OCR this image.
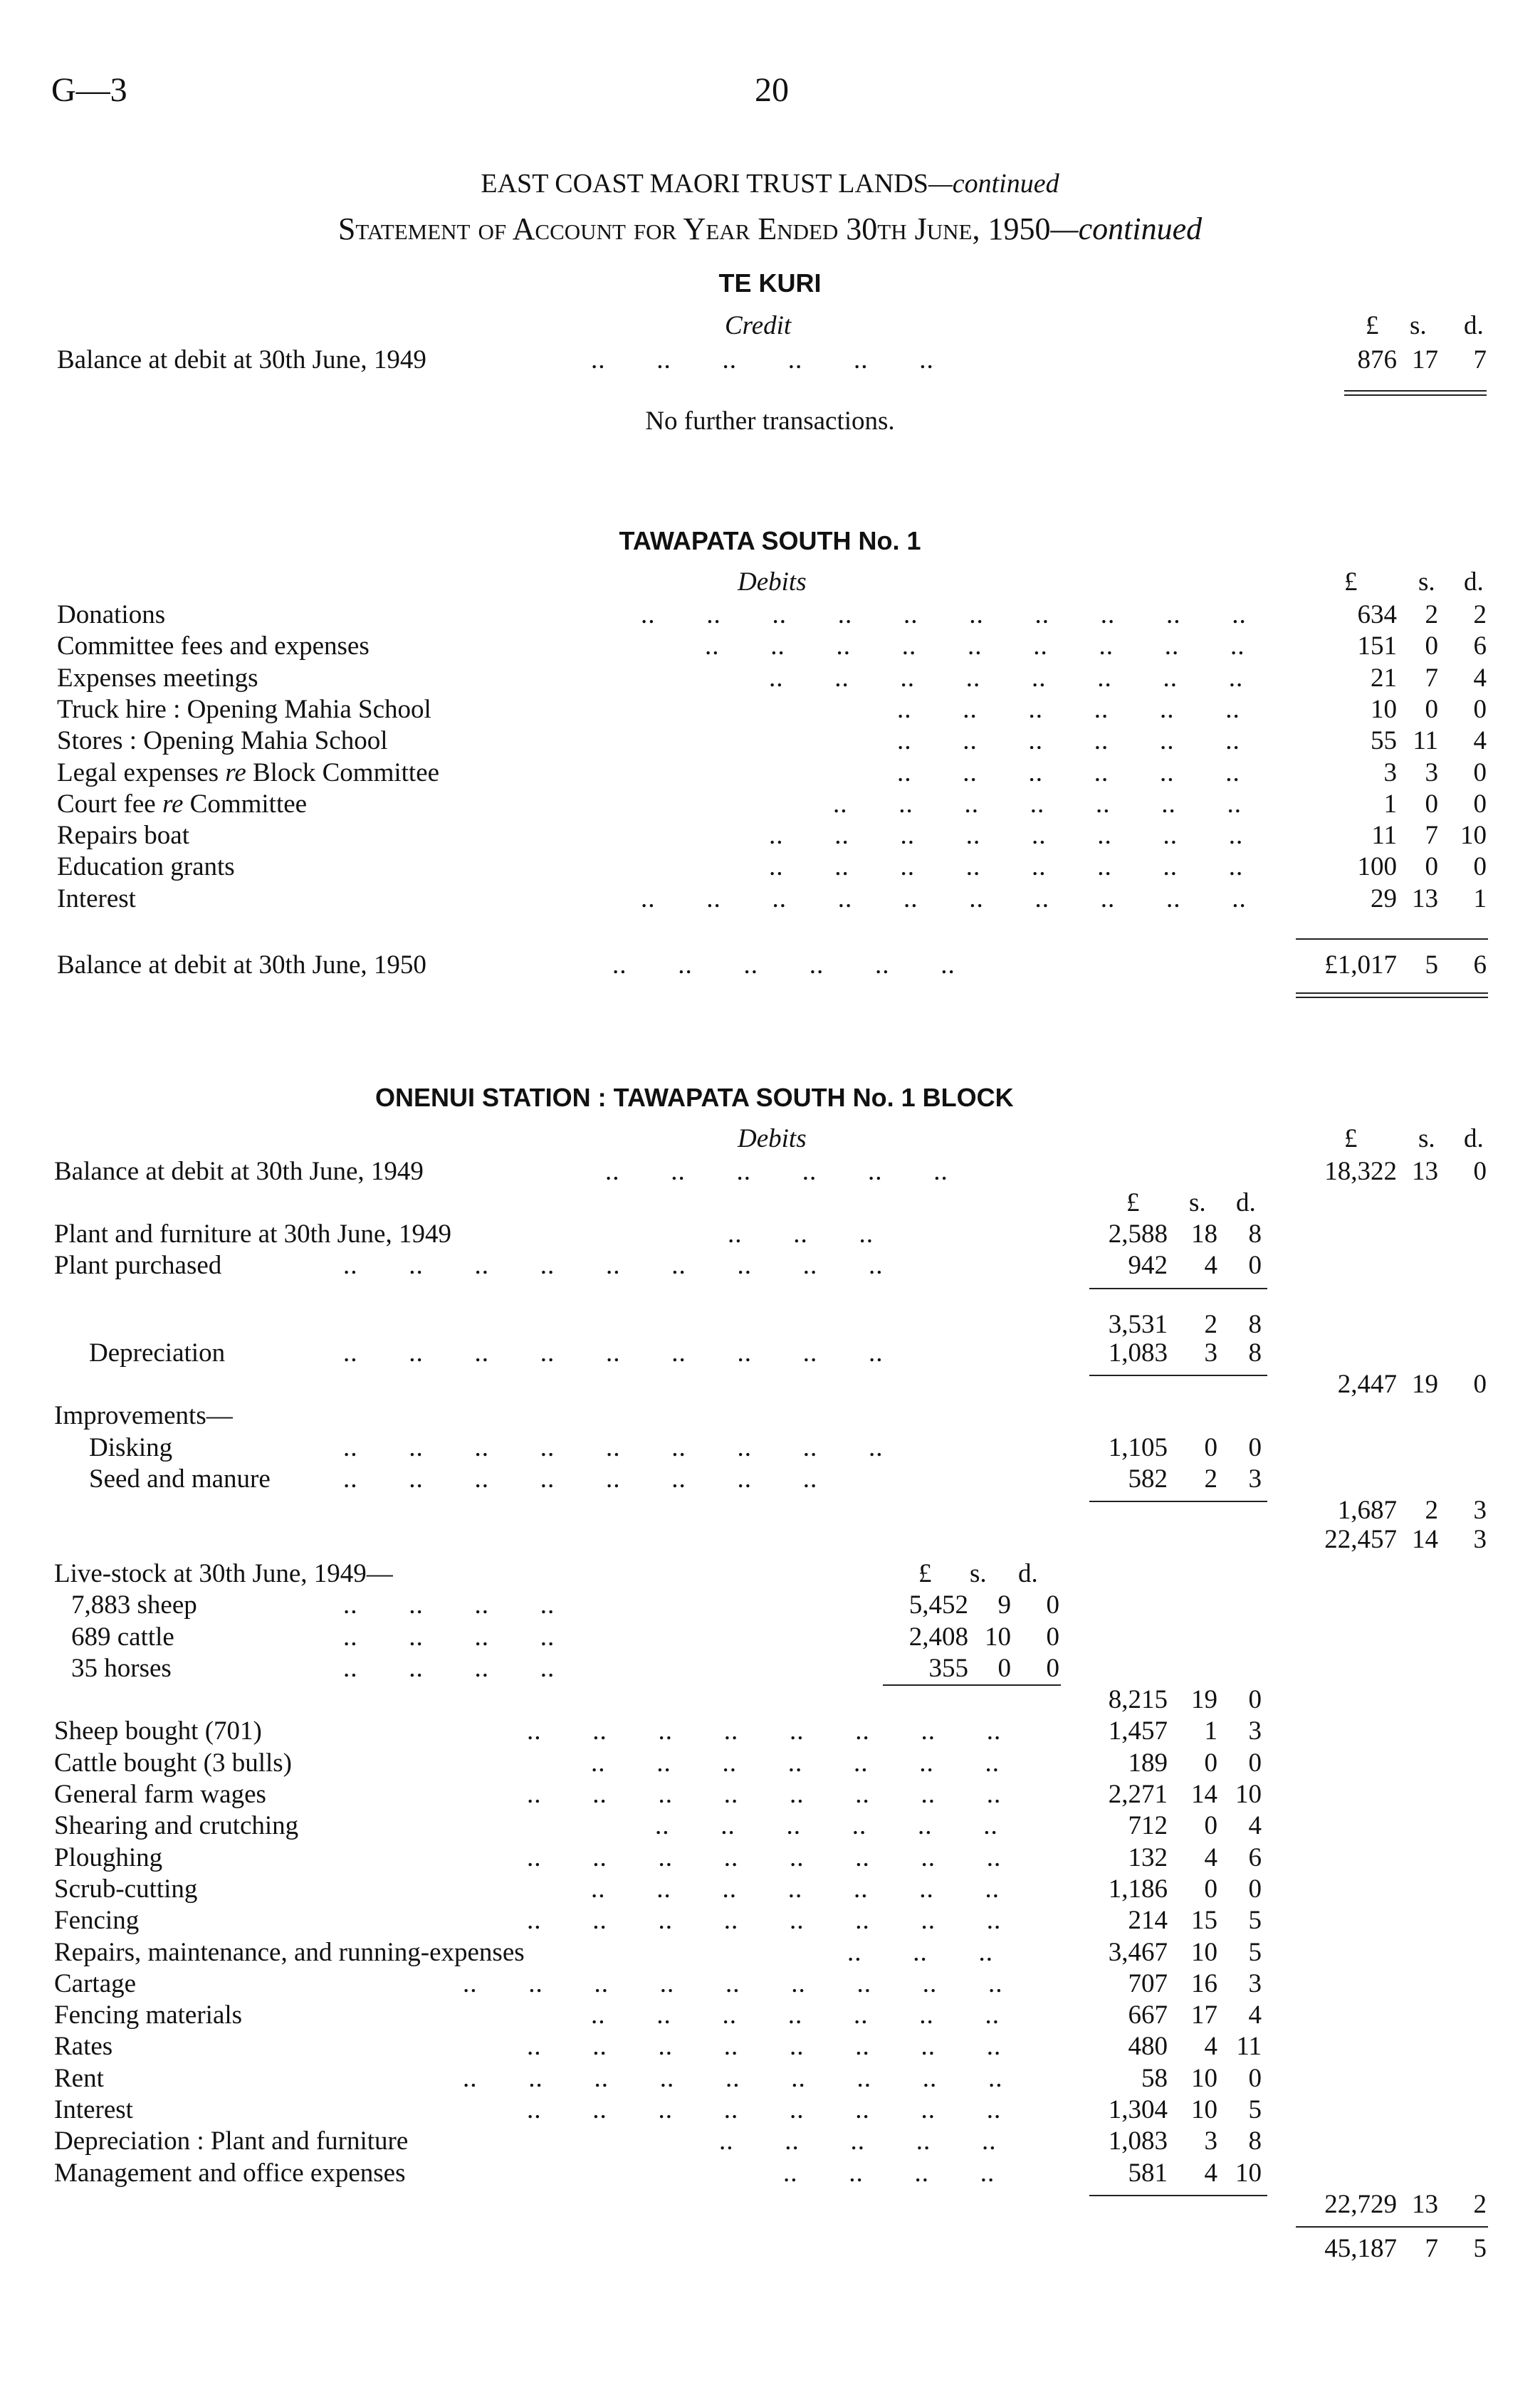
G—3	20
EAST COAST MAORI TRUST LANDS—continued
Statement of Account for Year Ended 30th June, 1950—continued
TE KURI
Credit	£ s. d.
Balance at debit at 30th June, 1949	..       ..       ..       ..       ..       ..	876 17	7
No further transactions.
TAWAPATA SOUTH No. 1
Debits	£ s. d.
Donations	..       ..       ..       ..       ..       ..       ..       ..       ..       ..	634	2	2
Committee fees and expenses	..       ..       ..       ..       ..       ..       ..       ..       ..	151	0	6
Expenses meetings	..       ..       ..       ..       ..       ..       ..       ..	21	7	4
Truck hire : Opening Mahia School	..       ..       ..       ..       ..       ..	10	0	0
Stores : Opening Mahia School	..       ..       ..       ..       ..       ..	55 11	4
Legal expenses re Block Committee	..       ..       ..       ..       ..       ..	3	3	0
Court fee re Committee	..       ..       ..       ..       ..       ..       ..	1	0	0
Repairs boat	..       ..       ..       ..       ..       ..       ..       ..	11	7 10
Education grants	..       ..       ..       ..       ..       ..       ..       ..	100	0	0
Interest	..       ..       ..       ..       ..       ..       ..       ..       ..       ..	29 13	1
Balance at debit at 30th June, 1950	..       ..       ..       ..       ..       ..	£1,017	5	6
ONENUI STATION : TAWAPATA SOUTH No. 1 BLOCK
Debits	£ s. d.
Balance at debit at 30th June, 1949	..       ..       ..       ..       ..       ..	18,322 13	0
£ s. d.
Plant and furniture at 30th June, 1949	..       ..       ..	2,588 18	8
Plant purchased	..       ..       ..       ..       ..       ..       ..       ..       ..	942	4	0
3,531	2	8
Depreciation	..       ..       ..       ..       ..       ..       ..       ..       ..	1,083	3	8
2,447 19	0
Improvements—
Disking	..       ..       ..       ..       ..       ..       ..       ..       ..	1,105	0	0
Seed and manure	..       ..       ..       ..       ..       ..       ..       ..	582	2	3
1,687	2	3
22,457 14	3
Live-stock at 30th June, 1949—	£ s. d.
7,883 sheep	..       ..       ..       ..	5,452	9	0
689 cattle	..       ..       ..       ..	2,408 10	0
35 horses	..       ..       ..       ..	355	0	0
8,215 19	0
Sheep bought (701)	..       ..       ..       ..       ..       ..       ..       ..	1,457	1	3
Cattle bought (3 bulls)	..       ..       ..       ..       ..       ..       ..	189	0	0
General farm wages	..       ..       ..       ..       ..       ..       ..       ..	2,271 14 10
Shearing and crutching	..       ..       ..       ..       ..       ..	712	0	4
Ploughing	..       ..       ..       ..       ..       ..       ..       ..	132	4	6
Scrub-cutting	..       ..       ..       ..       ..       ..       ..	1,186	0	0
Fencing	..       ..       ..       ..       ..       ..       ..       ..	214 15	5
Repairs, maintenance, and running-expenses	..       ..       ..	3,467 10	5
Cartage	..       ..       ..       ..       ..       ..       ..       ..       ..	707 16	3
Fencing materials	..       ..       ..       ..       ..       ..       ..	667 17	4
Rates	..       ..       ..       ..       ..       ..       ..       ..	480	4 11
Rent	..       ..       ..       ..       ..       ..       ..       ..       ..	58 10	0
Interest	..       ..       ..       ..       ..       ..       ..       ..	1,304 10	5
Depreciation : Plant and furniture	..       ..       ..       ..       ..	1,083	3	8
Management and office expenses	..       ..       ..       ..	581	4 10
22,729 13	2
45,187	7	5
